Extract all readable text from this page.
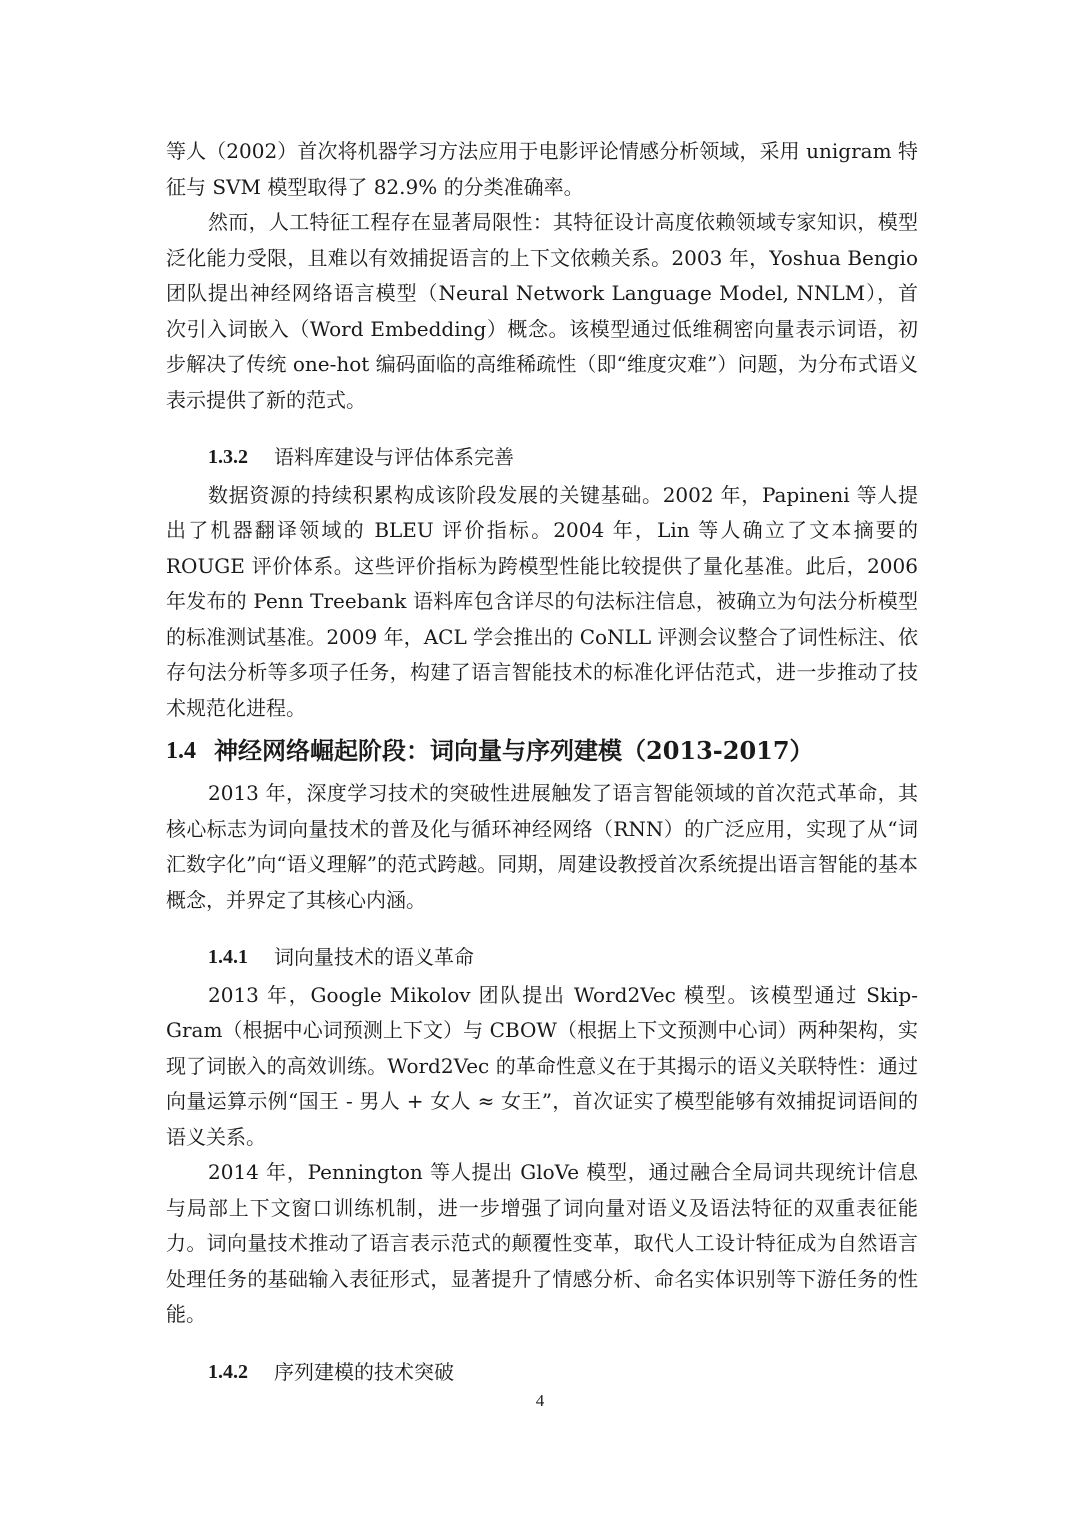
等人（2002）首次将机器学习方法应用于电影评论情感分析领域，采用 unigram 特征与 SVM 模型取得了 82.9% 的分类准确率。

然而，人工特征工程存在显著局限性：其特征设计高度依赖领域专家知识，模型泛化能力受限，且难以有效捕捉语言的上下文依赖关系。2003 年，Yoshua Bengio 团队提出神经网络语言模型（Neural Network Language Model, NNLM），首次引入词嵌入（Word Embedding）概念。该模型通过低维稠密向量表示词语，初步解决了传统 one-hot 编码面临的高维稀疏性（即“维度灾难”）问题，为分布式语义表示提供了新的范式。

1.3.2 语料库建设与评估体系完善

数据资源的持续积累构成该阶段发展的关键基础。2002 年，Papineni 等人提出了机器翻译领域的 BLEU 评价指标。2004 年，Lin 等人确立了文本摘要的 ROUGE 评价体系。这些评价指标为跨模型性能比较提供了量化基准。此后，2006 年发布的 Penn Treebank 语料库包含详尽的句法标注信息，被确立为句法分析模型的标准测试基准。2009 年，ACL 学会推出的 CoNLL 评测会议整合了词性标注、依存句法分析等多项子任务，构建了语言智能技术的标准化评估范式，进一步推动了技术规范化进程。

1.4 神经网络崛起阶段：词向量与序列建模（2013-2017）

2013 年，深度学习技术的突破性进展触发了语言智能领域的首次范式革命，其核心标志为词向量技术的普及化与循环神经网络（RNN）的广泛应用，实现了从“词汇数字化”向“语义理解”的范式跨越。同期，周建设教授首次系统提出语言智能的基本概念，并界定了其核心内涵。

1.4.1 词向量技术的语义革命

2013 年，Google Mikolov 团队提出 Word2Vec 模型。该模型通过 Skip-Gram（根据中心词预测上下文）与 CBOW（根据上下文预测中心词）两种架构，实现了词嵌入的高效训练。Word2Vec 的革命性意义在于其揭示的语义关联特性：通过向量运算示例“国王 - 男人 + 女人 ≈ 女王”，首次证实了模型能够有效捕捉词语间的语义关系。

2014 年，Pennington 等人提出 GloVe 模型，通过融合全局词共现统计信息与局部上下文窗口训练机制，进一步增强了词向量对语义及语法特征的双重表征能力。词向量技术推动了语言表示范式的颠覆性变革，取代人工设计特征成为自然语言处理任务的基础输入表征形式，显著提升了情感分析、命名实体识别等下游任务的性能。

1.4.2 序列建模的技术突破
4
